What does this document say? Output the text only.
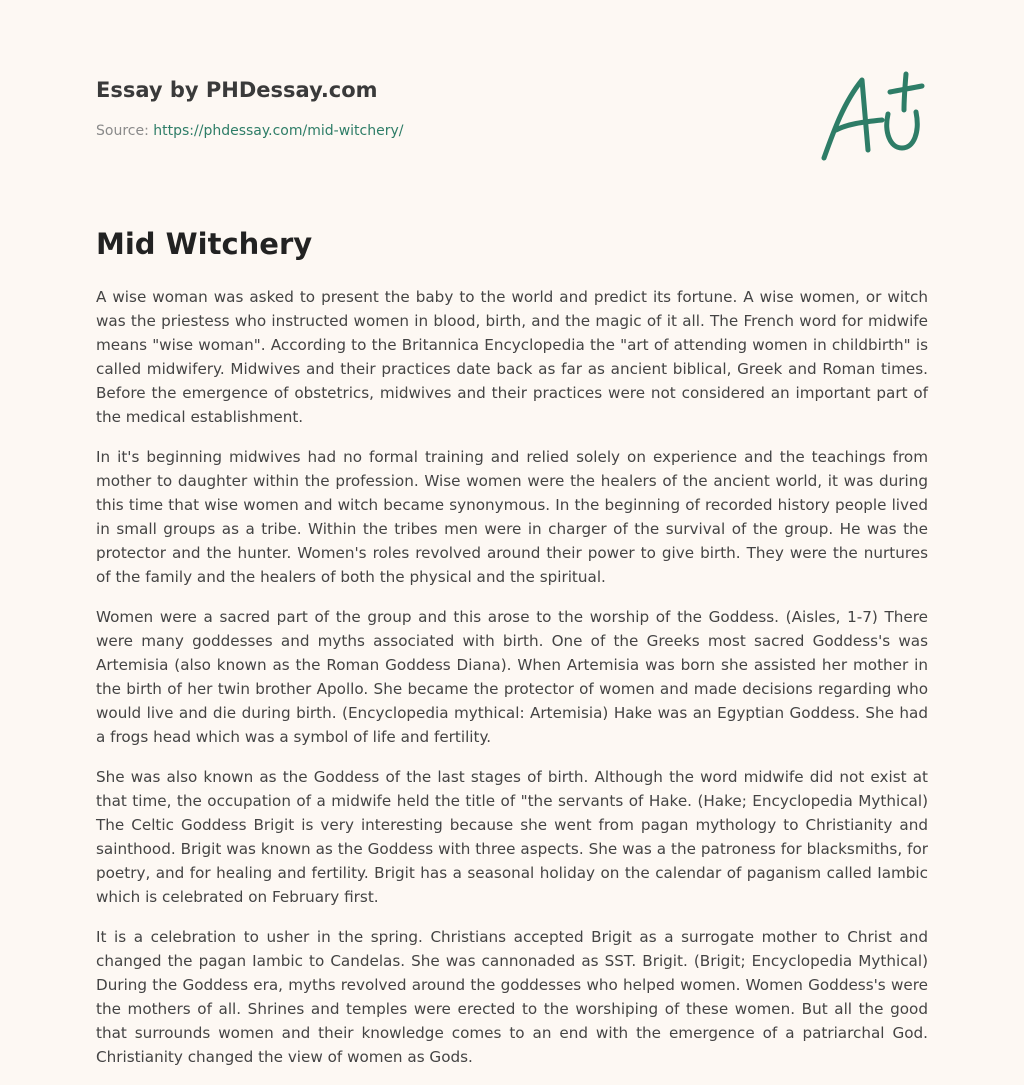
Essay by PHDessay.com

Source: https://phdessay.com/mid-witchery/
Mid Witchery

A wise woman was asked to present the baby to the world and predict its fortune. A wise women, or witch was the priestess who instructed women in blood, birth, and the magic of it all. The French word for midwife means "wise woman". According to the Britannica Encyclopedia the "art of attending women in childbirth" is called midwifery. Midwives and their practices date back as far as ancient biblical, Greek and Roman times. Before the emergence of obstetrics, midwives and their practices were not considered an important part of the medical establishment.

In it's beginning midwives had no formal training and relied solely on experience and the teachings from mother to daughter within the profession. Wise women were the healers of the ancient world, it was during this time that wise women and witch became synonymous. In the beginning of recorded history people lived in small groups as a tribe. Within the tribes men were in charger of the survival of the group. He was the protector and the hunter. Women's roles revolved around their power to give birth. They were the nurtures of the family and the healers of both the physical and the spiritual.

Women were a sacred part of the group and this arose to the worship of the Goddess. (Aisles, 1-7) There were many goddesses and myths associated with birth. One of the Greeks most sacred Goddess's was Artemisia (also known as the Roman Goddess Diana). When Artemisia was born she assisted her mother in the birth of her twin brother Apollo. She became the protector of women and made decisions regarding who would live and die during birth. (Encyclopedia mythical: Artemisia) Hake was an Egyptian Goddess. She had a frogs head which was a symbol of life and fertility.

She was also known as the Goddess of the last stages of birth. Although the word midwife did not exist at that time, the occupation of a midwife held the title of "the servants of Hake. (Hake; Encyclopedia Mythical) The Celtic Goddess Brigit is very interesting because she went from pagan mythology to Christianity and sainthood. Brigit was known as the Goddess with three aspects. She was a the patroness for blacksmiths, for poetry, and for healing and fertility. Brigit has a seasonal holiday on the calendar of paganism called Iambic which is celebrated on February first.

It is a celebration to usher in the spring. Christians accepted Brigit as a surrogate mother to Christ and changed the pagan Iambic to Candelas. She was cannonaded as SST. Brigit. (Brigit; Encyclopedia Mythical) During the Goddess era, myths revolved around the goddesses who helped women. Women Goddess's were the mothers of all. Shrines and temples were erected to the worshiping of these women. But all the good that surrounds women and their knowledge comes to an end with the emergence of a patriarchal God. Christianity changed the view of women as Gods.
